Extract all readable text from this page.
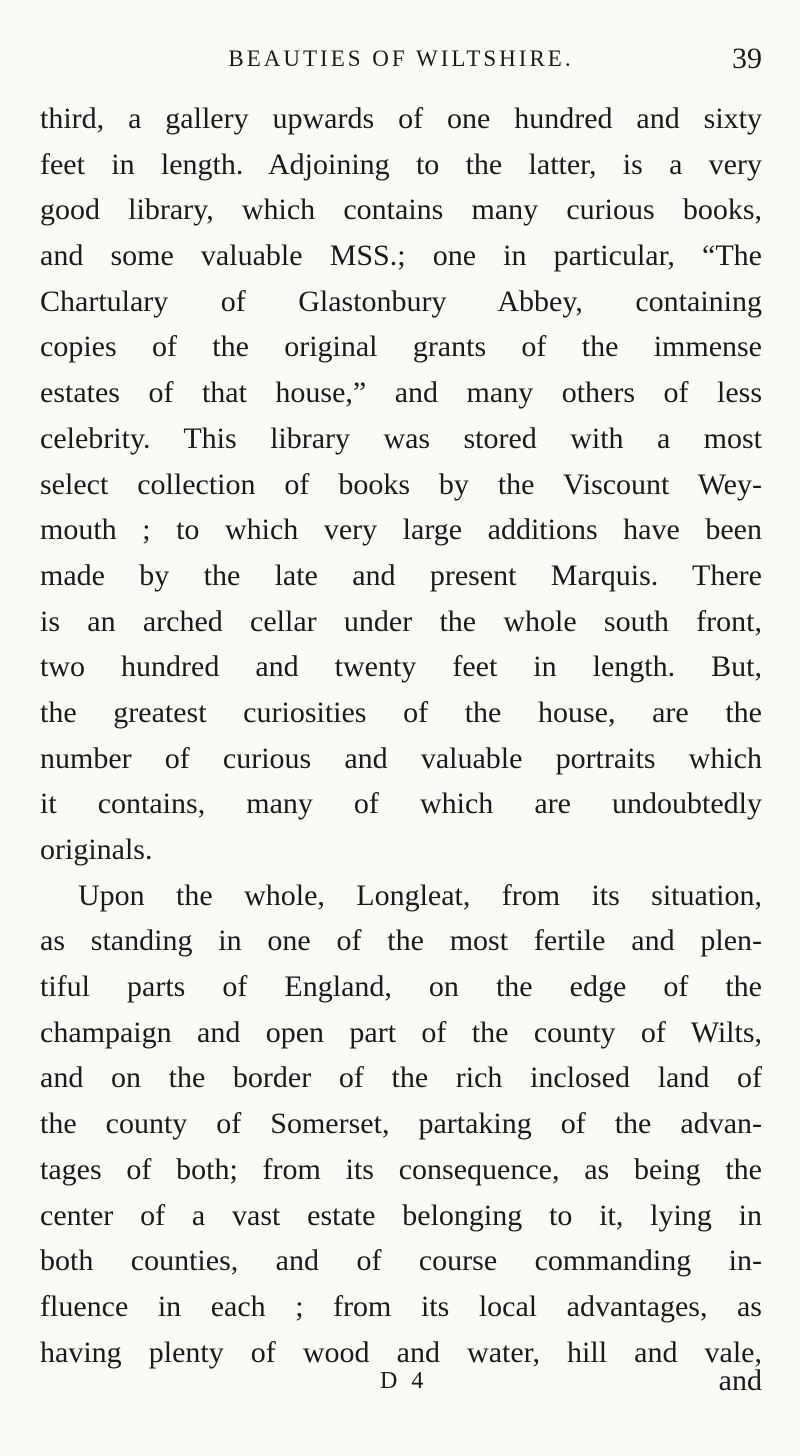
BEAUTIES OF WILTSHIRE.	39
third, a gallery upwards of one hundred and sixty
feet in length. Adjoining to the latter, is a very
good library, which contains many curious books,
and some valuable MSS.; one in particular, “The
Chartulary of Glastonbury Abbey, containing
copies of the original grants of the immense
estates of that house,” and many others of less
celebrity. This library was stored with a most
select collection of books by the Viscount Wey-
mouth ; to which very large additions have been
made by the late and present Marquis. There
is an arched cellar under the whole south front,
two hundred and twenty feet in length. But,
the greatest curiosities of the house, are the
number of curious and valuable portraits which
it contains, many of which are undoubtedly
originals.
Upon the whole, Longleat, from its situation,
as standing in one of the most fertile and plen-
tiful parts of England, on the edge of the
champaign and open part of the county of Wilts,
and on the border of the rich inclosed land of
the county of Somerset, partaking of the advan-
tages of both; from its consequence, as being the
center of a vast estate belonging to it, lying in
both counties, and of course commanding in-
fluence in each ; from its local advantages, as
having plenty of wood and water, hill and vale,
D 4	and
